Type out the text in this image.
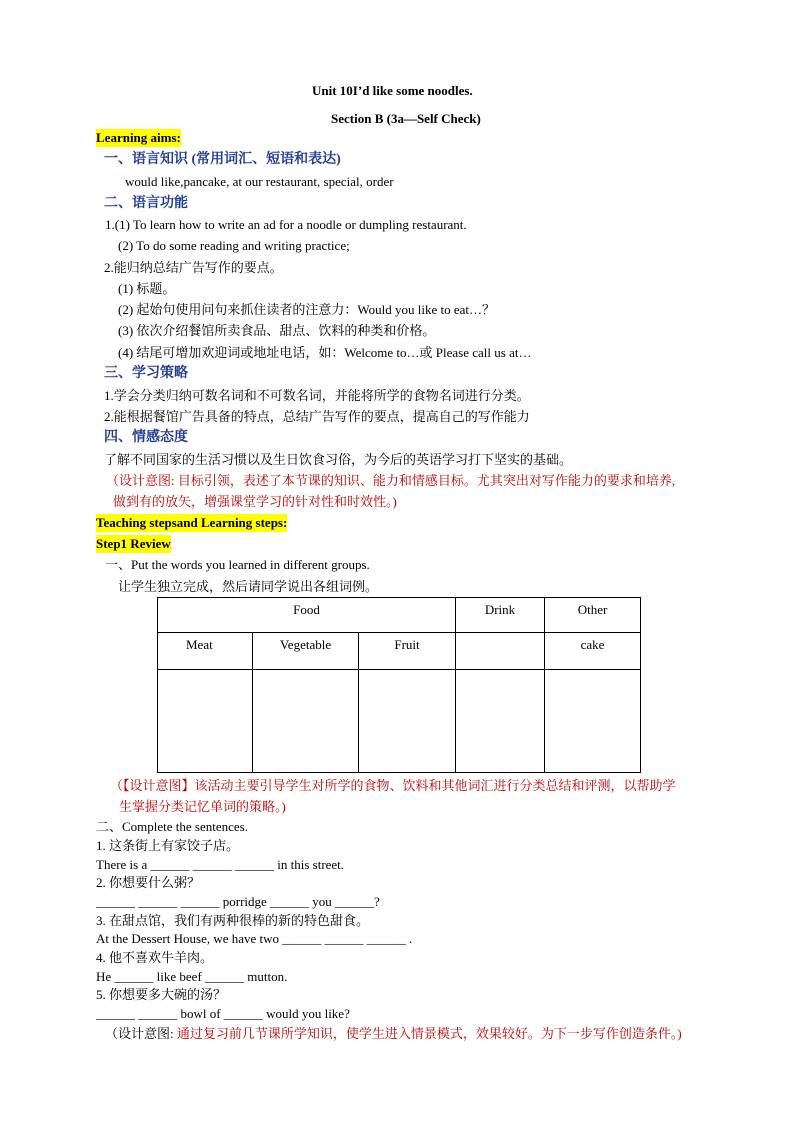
Unit 10I’d like some noodles.
Section B (3a—Self Check)
Learning aims:
一、语言知识 (常用词汇、短语和表达)
would like,pancake, at our restaurant, special, order
二、语言功能
1.(1) To learn how to write an ad for a noodle or dumpling restaurant.
(2) To do some reading and writing practice;
2.能归纳总结广告写作的要点。
(1) 标题。
(2) 起始句使用问句来抓住读者的注意力：Would you like to eat…？
(3) 依次介绍餐馆所卖食品、甜点、饮料的种类和价格。
(4) 结尾可增加欢迎词或地址电话，如：Welcome to…或 Please call us at…
三、学习策略
1.学会分类归纳可数名词和不可数名词，并能将所学的食物名词进行分类。
2.能根据餐馆广告具备的特点，总结广告写作的要点，提高自己的写作能力
四、情感态度
了解不同国家的生活习惯以及生日饮食习俗，为今后的英语学习打下坚实的基础。
（设计意图: 目标引领，表述了本节课的知识、能力和情感目标。尤其突出对写作能力的要求和培养,
做到有的放矢，增强课堂学习的针对性和时效性。)
Teaching stepsand Learning steps:
Step1 Review
一、Put the words you learned in different groups.
让学生独立完成，然后请同学说出各组词例。
Food			Drink	Other
Meat	Vegetable	Fruit		cake

（【设计意图】该活动主要引导学生对所学的食物、饮料和其他词汇进行分类总结和评测，以帮助学
生掌握分类记忆单词的策略。)
二、Complete the sentences.
1. 这条街上有家饺子店。
There is a ______ ______ ______ in this street.
2. 你想要什么粥？
______ ______ ______ porridge ______ you ______?
3. 在甜点馆，我们有两种很棒的新的特色甜食。
At the Dessert House, we have two ______ ______ ______ .
4. 他不喜欢牛羊肉。
He ______ like beef ______ mutton.
5. 你想要多大碗的汤？
______ ______ bowl of ______ would you like?
（设计意图: 通过复习前几节课所学知识，使学生进入情景模式，效果较好。为下一步写作创造条件。)
